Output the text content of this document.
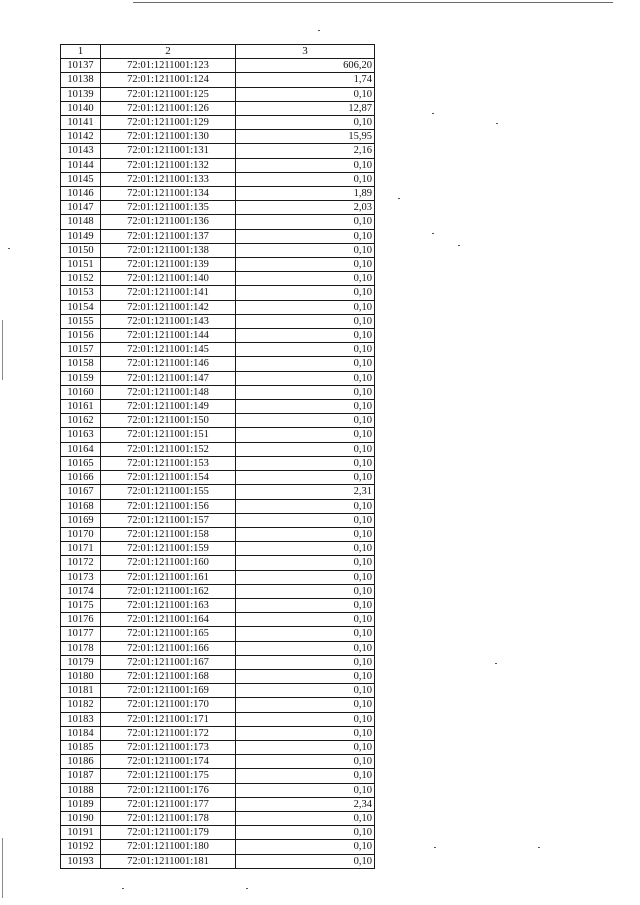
1	2	3
10137	72:01:1211001:123	606,20
10138	72:01:1211001:124	1,74
10139	72:01:1211001:125	0,10
10140	72:01:1211001:126	12,87
10141	72:01:1211001:129	0,10
10142	72:01:1211001:130	15,95
10143	72:01:1211001:131	2,16
10144	72:01:1211001:132	0,10
10145	72:01:1211001:133	0,10
10146	72:01:1211001:134	1,89
10147	72:01:1211001:135	2,03
10148	72:01:1211001:136	0,10
10149	72:01:1211001:137	0,10
10150	72:01:1211001:138	0,10
10151	72:01:1211001:139	0,10
10152	72:01:1211001:140	0,10
10153	72:01:1211001:141	0,10
10154	72:01:1211001:142	0,10
10155	72:01:1211001:143	0,10
10156	72:01:1211001:144	0,10
10157	72:01:1211001:145	0,10
10158	72:01:1211001:146	0,10
10159	72:01:1211001:147	0,10
10160	72:01:1211001:148	0,10
10161	72:01:1211001:149	0,10
10162	72:01:1211001:150	0,10
10163	72:01:1211001:151	0,10
10164	72:01:1211001:152	0,10
10165	72:01:1211001:153	0,10
10166	72:01:1211001:154	0,10
10167	72:01:1211001:155	2,31
10168	72:01:1211001:156	0,10
10169	72:01:1211001:157	0,10
10170	72:01:1211001:158	0,10
10171	72:01:1211001:159	0,10
10172	72:01:1211001:160	0,10
10173	72:01:1211001:161	0,10
10174	72:01:1211001:162	0,10
10175	72:01:1211001:163	0,10
10176	72:01:1211001:164	0,10
10177	72:01:1211001:165	0,10
10178	72:01:1211001:166	0,10
10179	72:01:1211001:167	0,10
10180	72:01:1211001:168	0,10
10181	72:01:1211001:169	0,10
10182	72:01:1211001:170	0,10
10183	72:01:1211001:171	0,10
10184	72:01:1211001:172	0,10
10185	72:01:1211001:173	0,10
10186	72:01:1211001:174	0,10
10187	72:01:1211001:175	0,10
10188	72:01:1211001:176	0,10
10189	72:01:1211001:177	2,34
10190	72:01:1211001:178	0,10
10191	72:01:1211001:179	0,10
10192	72:01:1211001:180	0,10
10193	72:01:1211001:181	0,10
